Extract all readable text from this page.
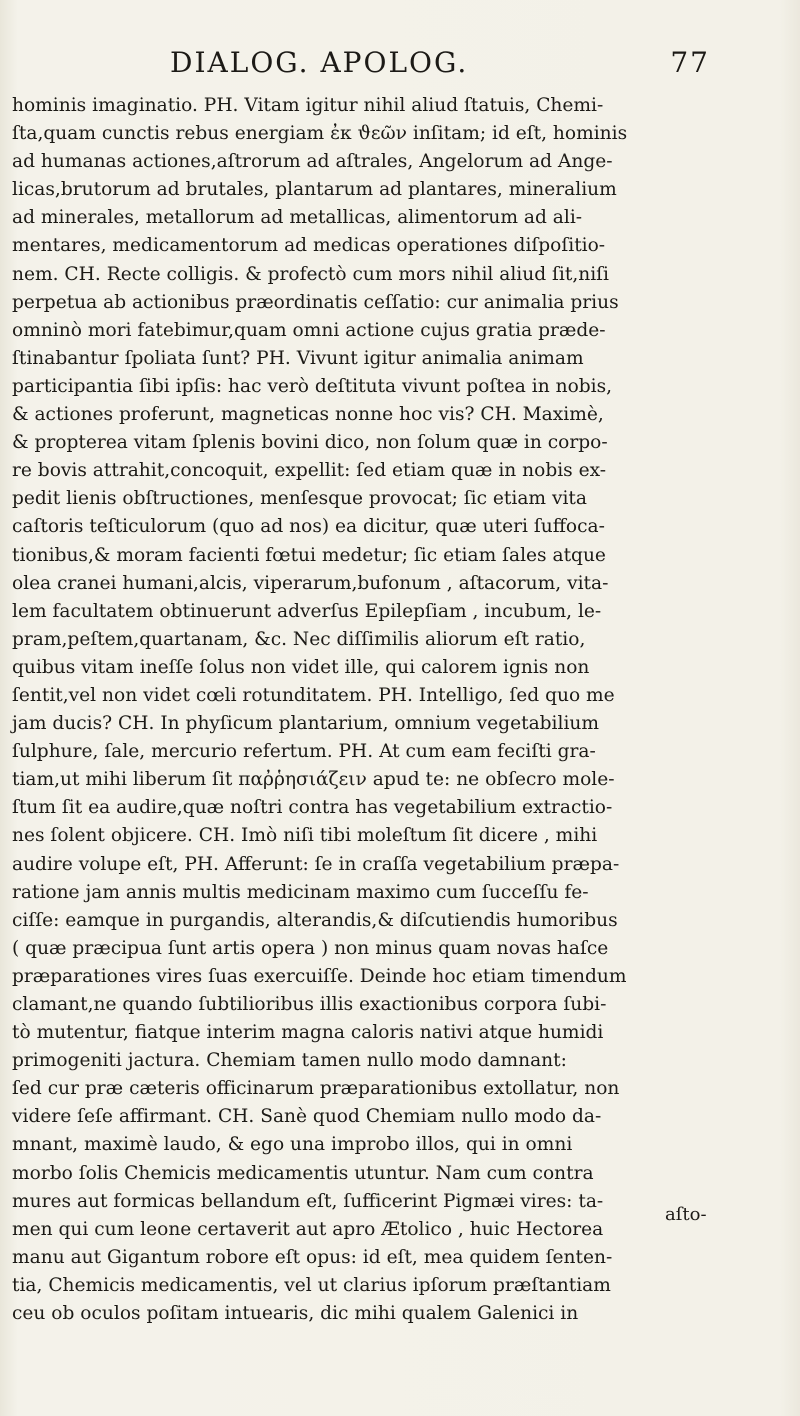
DIALOG. APOLOG.	77
hominis imaginatio. PH. Vitam igitur nihil aliud ſtatuis, Chemi-
ſta,quam cunctis rebus energiam ἐκ ϑεῶν inſitam; id eſt, hominis
ad humanas actiones,aſtrorum ad aſtrales, Angelorum ad Ange-
licas,brutorum ad brutales, plantarum ad plantares, mineralium
ad minerales, metallorum ad metallicas, alimentorum ad ali-
mentares, medicamentorum ad medicas operationes diſpoſitio-
nem. CH. Recte colligis. & profectò cum mors nihil aliud ſit,niſi
perpetua ab actionibus præordinatis ceſſatio: cur animalia prius
omninò mori fatebimur,quam omni actione cujus gratia præde-
ſtinabantur ſpoliata ſunt? PH. Vivunt igitur animalia animam
participantia ſibi ipſis: hac verò deſtituta vivunt poſtea in nobis,
& actiones proferunt, magneticas nonne hoc vis? CH. Maximè,
& propterea vitam ſplenis bovini dico, non ſolum quæ in corpo-
re bovis attrahit,concoquit, expellit: ſed etiam quæ in nobis ex-
pedit lienis obſtructiones, menſesque provocat; ſic etiam vita
caſtoris teſticulorum (quo ad nos) ea dicitur, quæ uteri ſuffoca-
tionibus,& moram facienti fœtui medetur; ſic etiam ſales atque
olea cranei humani,alcis, viperarum,bufonum , aſtacorum, vita-
lem facultatem obtinuerunt adverſus Epilepſiam , incubum, le-
pram,peſtem,quartanam, &c. Nec diſſimilis aliorum eſt ratio,
quibus vitam ineſſe ſolus non videt ille, qui calorem ignis non
ſentit,vel non videt cœli rotunditatem. PH. Intelligo, ſed quo me
jam ducis? CH. In phyſicum plantarium, omnium vegetabilium
ſulphure, ſale, mercurio refertum. PH. At cum eam feciſti gra-
tiam,ut mihi liberum ſit παῤῥησιάζειν apud te: ne obſecro mole-
ſtum ſit ea audire,quæ noſtri contra has vegetabilium extractio-
nes ſolent objicere. CH. Imò niſi tibi moleſtum ſit dicere , mihi
audire volupe eſt, PH. Afferunt: ſe in craſſa vegetabilium præpa-
ratione jam annis multis medicinam maximo cum ſucceſſu fe-
ciſſe: eamque in purgandis, alterandis,& diſcutiendis humoribus
( quæ præcipua ſunt artis opera ) non minus quam novas haſce
præparationes vires ſuas exercuiſſe. Deinde hoc etiam timendum
clamant,ne quando ſubtilioribus illis exactionibus corpora ſubi-
tò mutentur, fiatque interim magna caloris nativi atque humidi
primogeniti jactura. Chemiam tamen nullo modo damnant:
ſed cur præ cæteris officinarum præparationibus extollatur, non
videre ſeſe affirmant. CH. Sanè quod Chemiam nullo modo da-
mnant, maximè laudo, & ego una improbo illos, qui in omni
morbo ſolis Chemicis medicamentis utuntur. Nam cum contra
mures aut formicas bellandum eſt, ſufficerint Pigmæi vires: ta-
men qui cum leone certaverit aut apro Ætolico , huic Hectorea
manu aut Gigantum robore eſt opus: id eſt, mea quidem ſenten-
tia, Chemicis medicamentis, vel ut clarius ipſorum præſtantiam
ceu ob oculos poſitam intuearis, dic mihi qualem Galenici in
aſto-
